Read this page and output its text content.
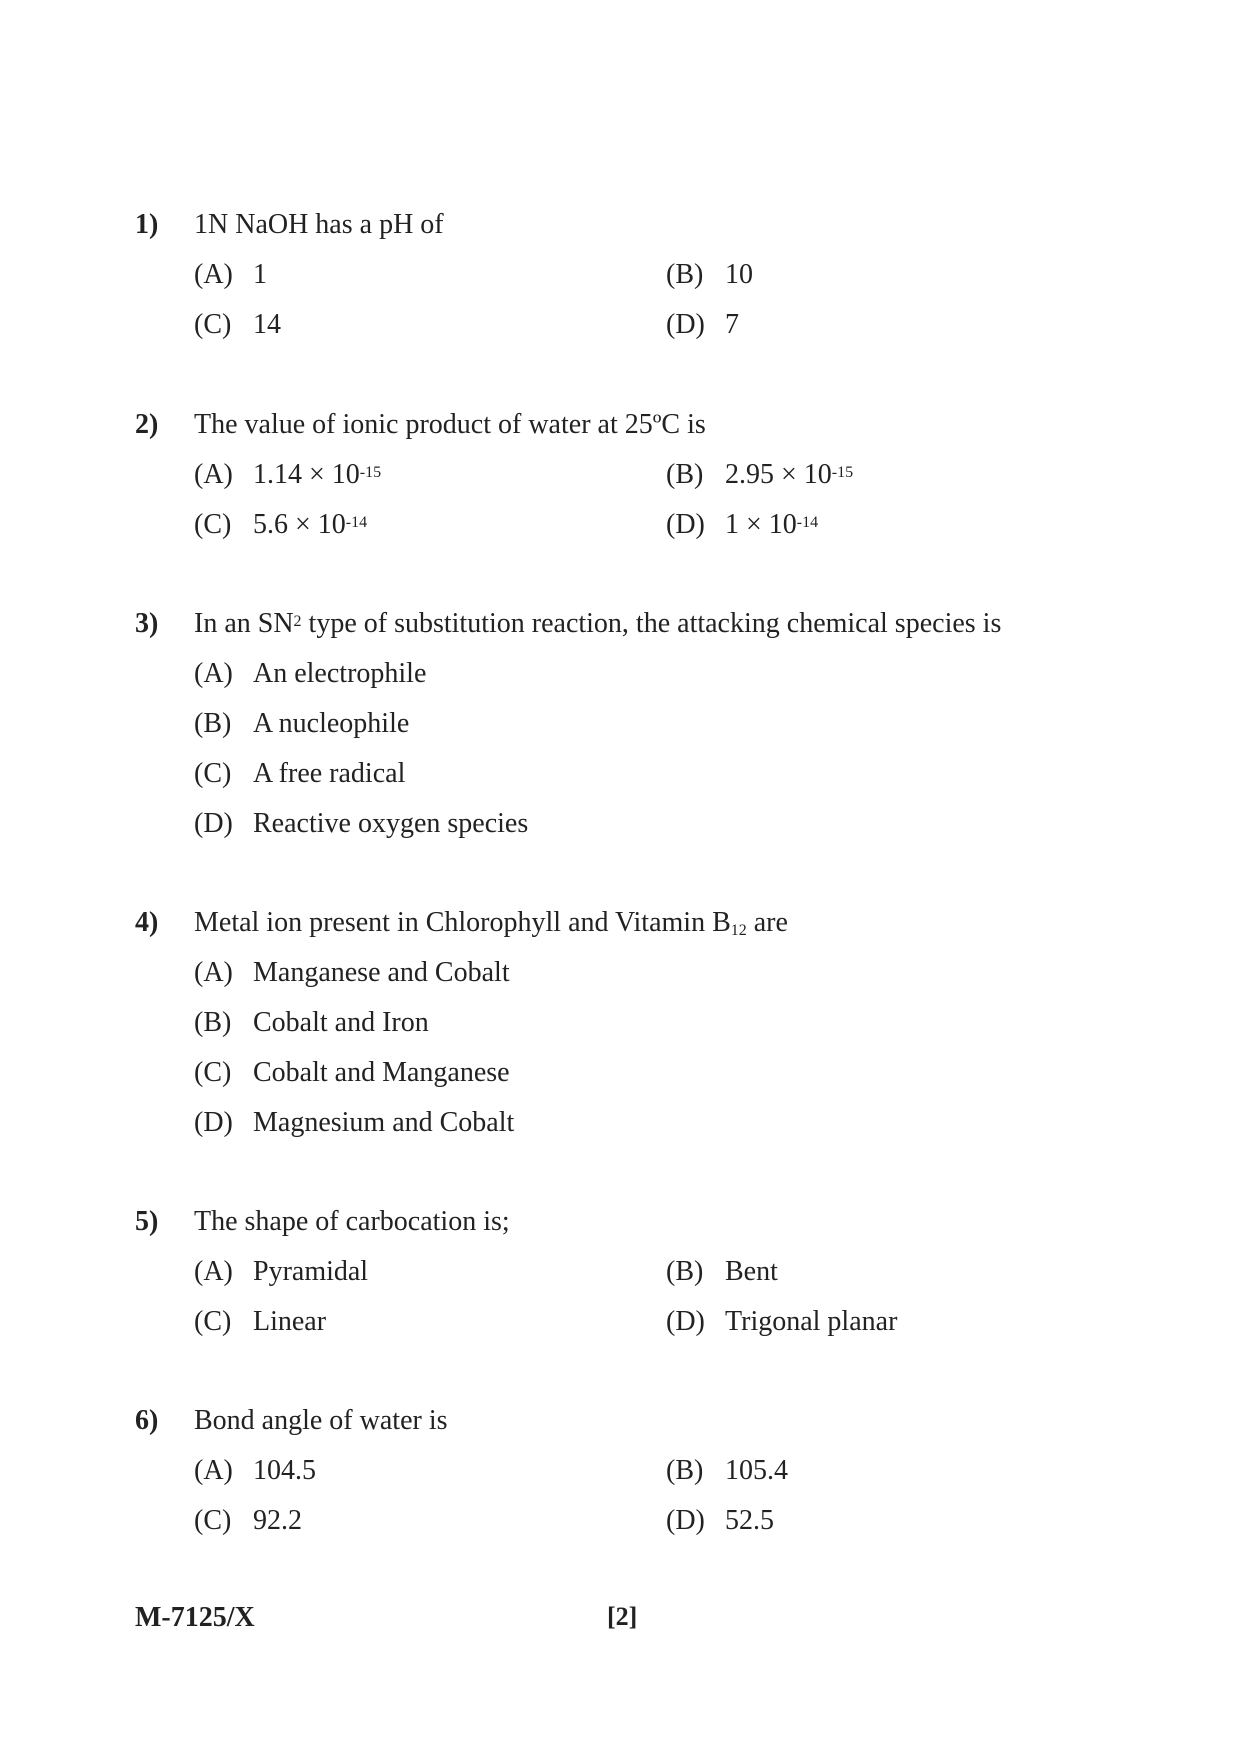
1) 1N NaOH has a pH of
(A) 1	(B) 10
(C) 14	(D) 7
2) The value of ionic product of water at 25ºC is
(A) $1.14 \times 10^{-15}$	(B) $2.95 \times 10^{-15}$
(C) $5.6 \times 10^{-14}$	(D) $1 \times 10^{-14}$
3) In an $SN^2$ type of substitution reaction, the attacking chemical species is
(A) An electrophile
(B) A nucleophile
(C) A free radical
(D) Reactive oxygen species
4) Metal ion present in Chlorophyll and Vitamin $B_{12}$ are
(A) Manganese and Cobalt
(B) Cobalt and Iron
(C) Cobalt and Manganese
(D) Magnesium and Cobalt
5) The shape of carbocation is;
(A) Pyramidal	(B) Bent
(C) Linear	(D) Trigonal planar
6) Bond angle of water is
(A) 104.5	(B) 105.4
(C) 92.2	(D) 52.5
M-7125/X	[2]
